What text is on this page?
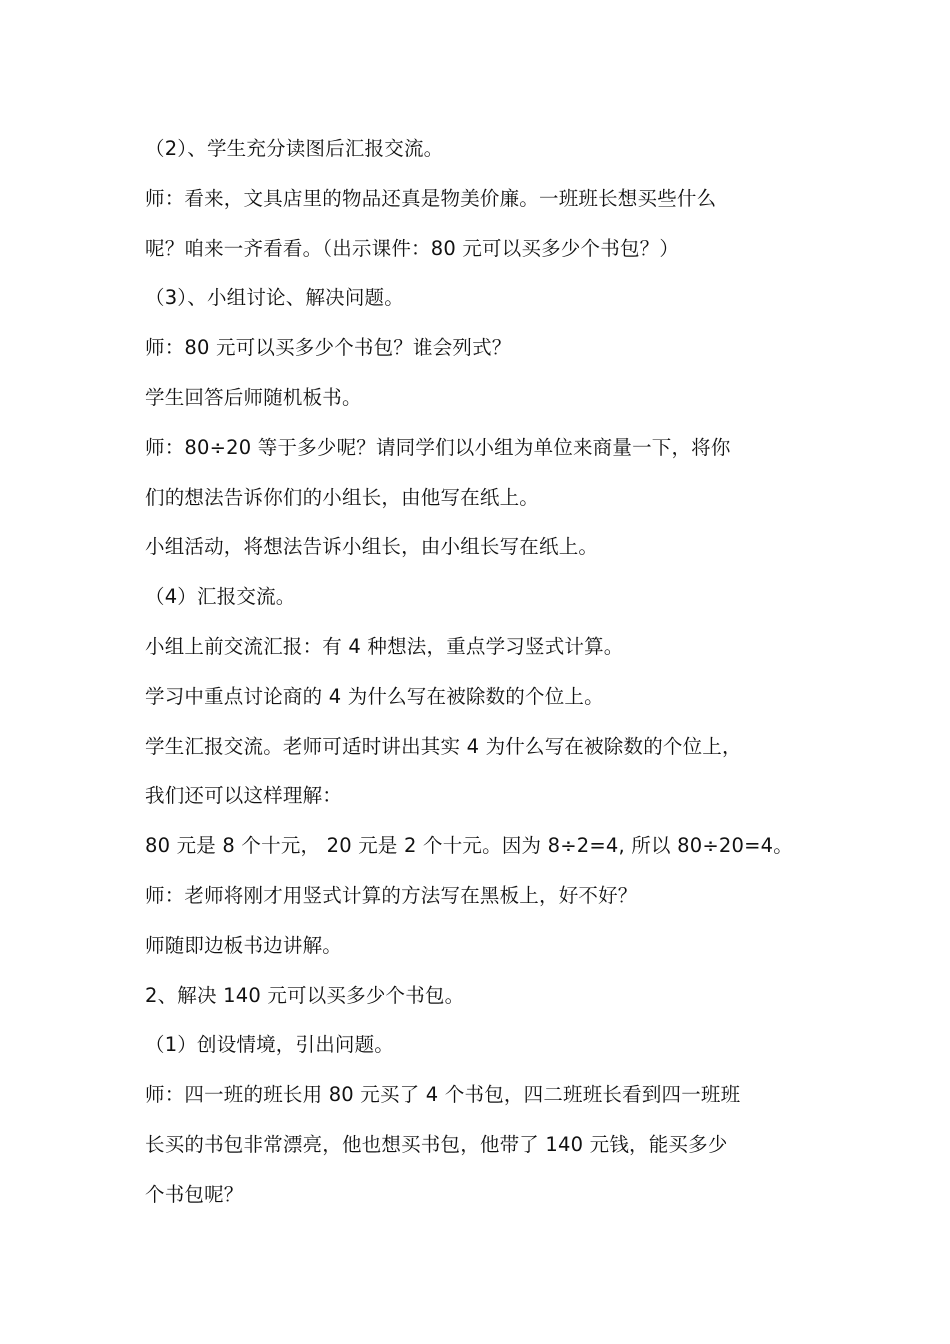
（2）、学生充分读图后汇报交流。
师：看来，文具店里的物品还真是物美价廉。一班班长想买些什么
呢？咱来一齐看看。（出示课件：80 元可以买多少个书包？）
（3）、小组讨论、解决问题。
师：80 元可以买多少个书包？谁会列式？
学生回答后师随机板书。
师：80÷20 等于多少呢？请同学们以小组为单位来商量一下，将你
们的想法告诉你们的小组长，由他写在纸上。
小组活动，将想法告诉小组长，由小组长写在纸上。
（4）汇报交流。
小组上前交流汇报：有 4 种想法，重点学习竖式计算。
学习中重点讨论商的 4 为什么写在被除数的个位上。
学生汇报交流。老师可适时讲出其实 4 为什么写在被除数的个位上，
我们还可以这样理解：
80 元是 8 个十元， 20 元是 2 个十元。因为 8÷2=4, 所以 80÷20=4。
师：老师将刚才用竖式计算的方法写在黑板上，好不好？
师随即边板书边讲解。
2、解决 140 元可以买多少个书包。
（1）创设情境，引出问题。
师：四一班的班长用 80 元买了 4 个书包，四二班班长看到四一班班
长买的书包非常漂亮，他也想买书包，他带了 140 元钱，能买多少
个书包呢？
